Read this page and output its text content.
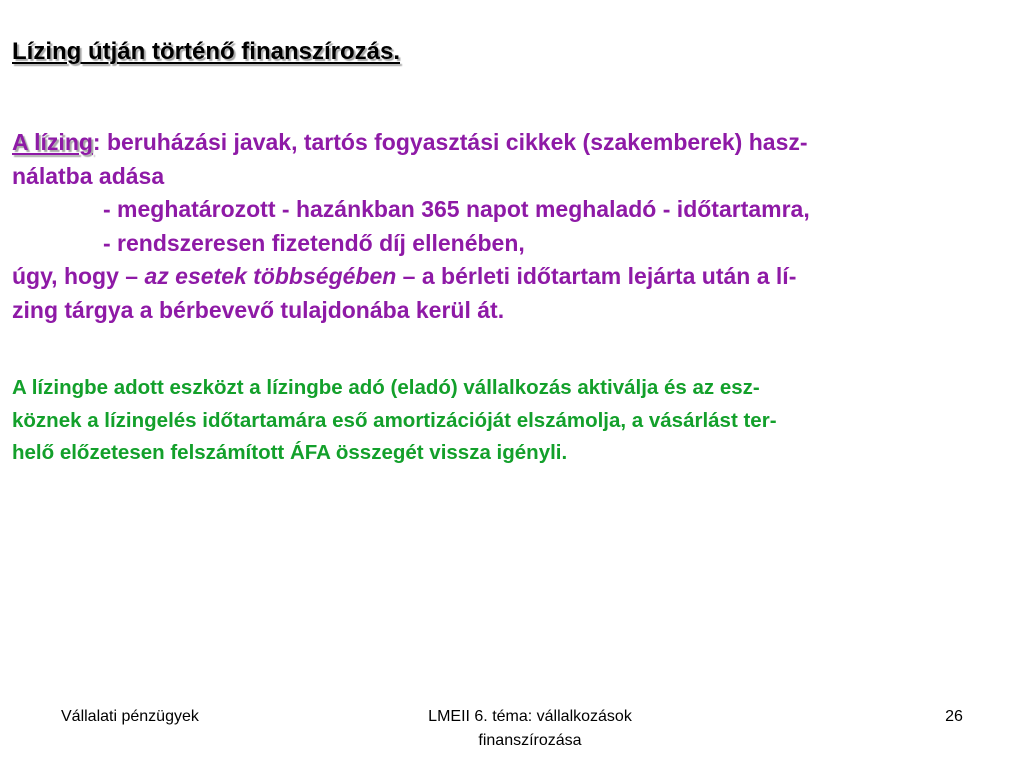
Lízing útján történő finanszírozás.
A lízing: beruházási javak, tartós fogyasztási cikkek (szakemberek) hasz-
nálatba adása
- meghatározott - hazánkban 365 napot meghaladó - időtartamra,
- rendszeresen fizetendő díj ellenében,
úgy, hogy – az esetek többségében – a bérleti időtartam lejárta után a lí-
zing tárgya a bérbevevő tulajdonába kerül át.
A lízingbe adott eszközt a lízingbe adó (eladó) vállalkozás aktiválja és az esz-
köznek a lízingelés időtartamára eső amortizációját elszámolja, a vásárlást ter-
helő előzetesen felszámított ÁFA összegét vissza igényli.
Vállalati pénzügyek	LMEII 6. téma: vállalkozások
finanszírozása
26
